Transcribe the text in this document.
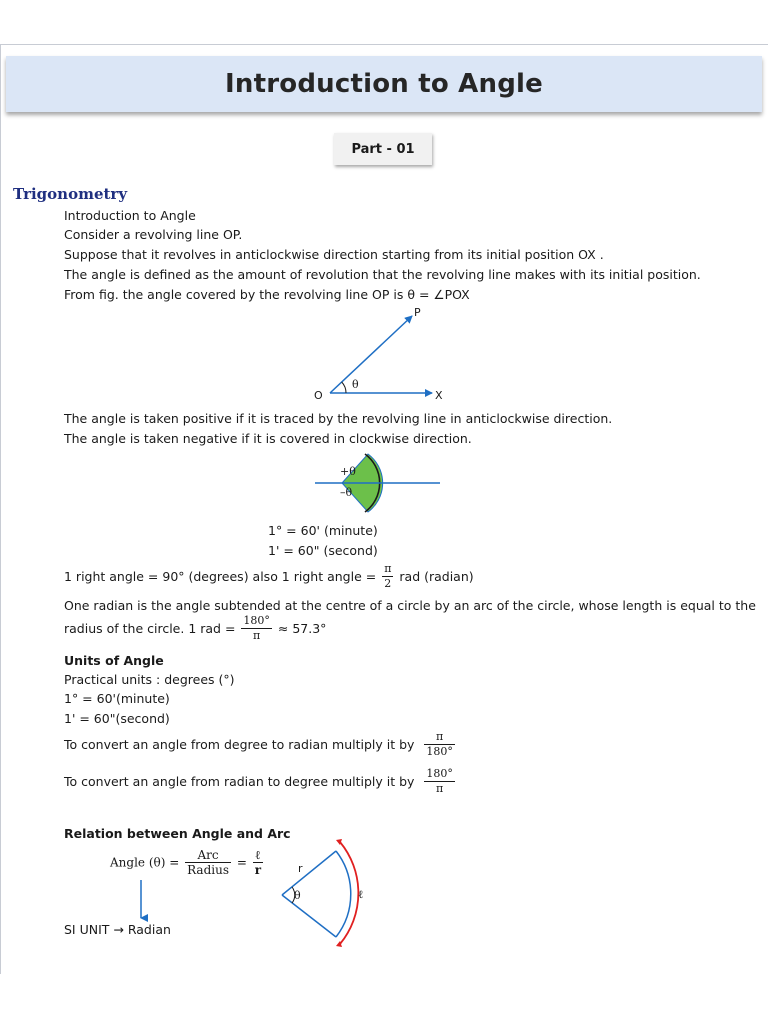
Introduction to Angle
Part - 01
Trigonometry
Introduction to Angle
Consider a revolving line OP.
Suppose that it revolves in anticlockwise direction starting from its initial position OX .
The angle is defined as the amount of revolution that the revolving line makes with its initial position.
From fig. the angle covered by the revolving line OP is θ = ∠POX
O
P
X
θ
The angle is taken positive if it is traced by the revolving line in anticlockwise direction.
The angle is taken negative if it is covered in clockwise direction.
+θ
–θ
1° = 60' (minute)
1' = 60" (second)
1 right angle = 90° (degrees) also 1 right angle = $\frac{\pi}{2}$ rad (radian)
One radian is the angle subtended at the centre of a circle by an arc of the circle, whose length is equal to the
radius of the circle. 1 rad = $\frac{180^\circ}{\pi} \approx 57.3^\circ$
Units of Angle
Practical units : degrees (°)
1° = 60'(minute)
1' = 60"(second)
To convert an angle from degree to radian multiply it by $\frac{\pi}{180^\circ}$
To convert an angle from radian to degree multiply it by $\frac{180^\circ}{\pi}$
Relation between Angle and Arc
Angle $(\theta) = \frac{\text{Arc}}{\text{Radius}} = \frac{\text{ℓ}}{r}$
SI UNIT → Radian
r
θ	ℓ
